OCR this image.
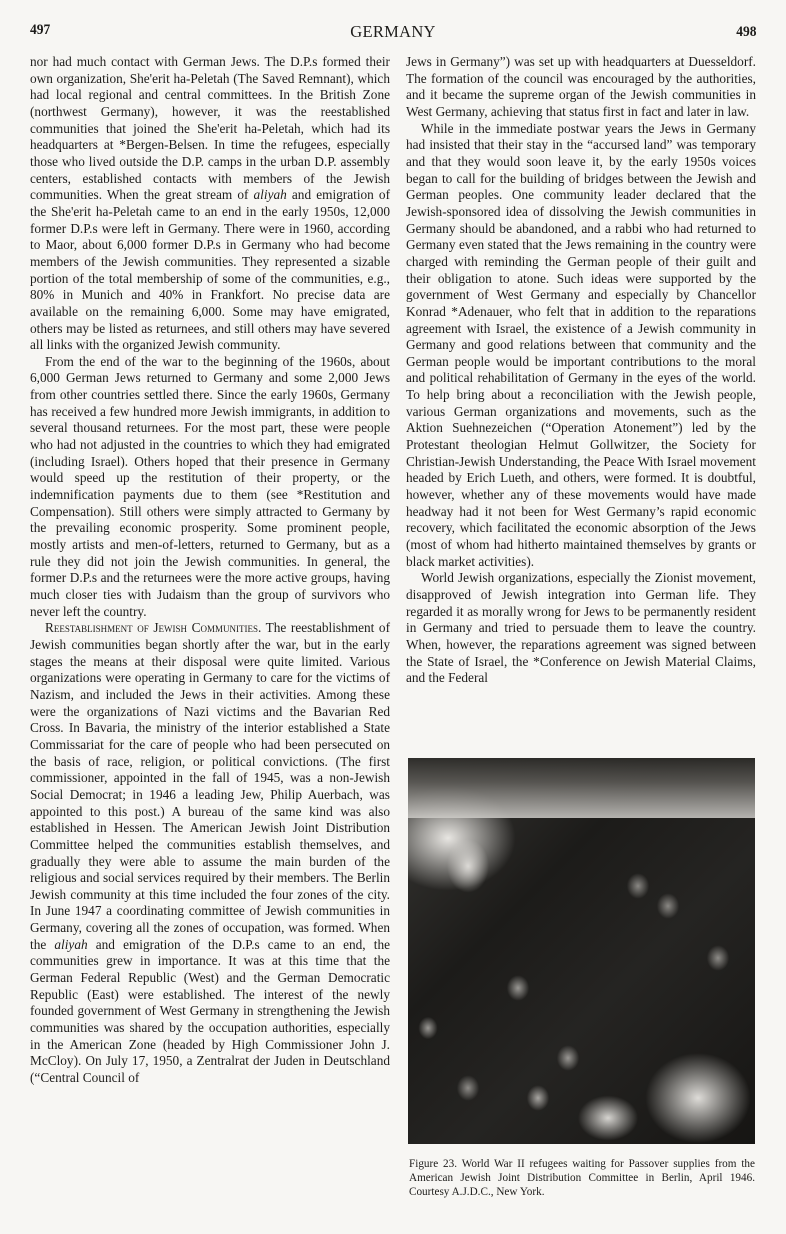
497	GERMANY	498

nor had much contact with German Jews. The D.P.s formed their own organization, She'erit ha-Peletah (The Saved Remnant), which had local regional and central committees. In the British Zone (northwest Germany), however, it was the reestablished communities that joined the She'erit ha-Peletah, which had its headquarters at *Bergen-Belsen. In time the refugees, especially those who lived outside the D.P. camps in the urban D.P. assembly centers, established contacts with members of the Jewish communities. When the great stream of aliyah and emigration of the She'erit ha-Peletah came to an end in the early 1950s, 12,000 former D.P.s were left in Germany. There were in 1960, according to Maor, about 6,000 former D.P.s in Germany who had become members of the Jewish communities. They represented a sizable portion of the total membership of some of the communities, e.g., 80% in Munich and 40% in Frankfort. No precise data are available on the remaining 6,000. Some may have emigrated, others may be listed as returnees, and still others may have severed all links with the organized Jewish community.

From the end of the war to the beginning of the 1960s, about 6,000 German Jews returned to Germany and some 2,000 Jews from other countries settled there. Since the early 1960s, Germany has received a few hundred more Jewish immigrants, in addition to several thousand returnees. For the most part, these were people who had not adjusted in the countries to which they had emigrated (including Israel). Others hoped that their presence in Germany would speed up the restitution of their property, or the indemnification payments due to them (see *Restitution and Compensation). Still others were simply attracted to Germany by the prevailing economic prosperity. Some prominent people, mostly artists and men-of-letters, returned to Germany, but as a rule they did not join the Jewish communities. In general, the former D.P.s and the returnees were the more active groups, having much closer ties with Judaism than the group of survivors who never left the country.

Reestablishment of Jewish Communities. The reestablishment of Jewish communities began shortly after the war, but in the early stages the means at their disposal were quite limited. Various organizations were operating in Germany to care for the victims of Nazism, and included the Jews in their activities. Among these were the organizations of Nazi victims and the Bavarian Red Cross. In Bavaria, the ministry of the interior established a State Commissariat for the care of people who had been persecuted on the basis of race, religion, or political convictions. (The first commissioner, appointed in the fall of 1945, was a non-Jewish Social Democrat; in 1946 a leading Jew, Philip Auerbach, was appointed to this post.) A bureau of the same kind was also established in Hessen. The American Jewish Joint Distribution Committee helped the communities establish themselves, and gradually they were able to assume the main burden of the religious and social services required by their members. The Berlin Jewish community at this time included the four zones of the city. In June 1947 a coordinating committee of Jewish communities in Germany, covering all the zones of occupation, was formed. When the aliyah and emigration of the D.P.s came to an end, the communities grew in importance. It was at this time that the German Federal Republic (West) and the German Democratic Republic (East) were established. The interest of the newly founded government of West Germany in strengthening the Jewish communities was shared by the occupation authorities, especially in the American Zone (headed by High Commissioner John J. McCloy). On July 17, 1950, a Zentralrat der Juden in Deutschland (“Central Council of

Jews in Germany”) was set up with headquarters at Duesseldorf. The formation of the council was encouraged by the authorities, and it became the supreme organ of the Jewish communities in West Germany, achieving that status first in fact and later in law.

While in the immediate postwar years the Jews in Germany had insisted that their stay in the “accursed land” was temporary and that they would soon leave it, by the early 1950s voices began to call for the building of bridges between the Jewish and German peoples. One community leader declared that the Jewish-sponsored idea of dissolving the Jewish communities in Germany should be abandoned, and a rabbi who had returned to Germany even stated that the Jews remaining in the country were charged with reminding the German people of their guilt and their obligation to atone. Such ideas were supported by the government of West Germany and especially by Chancellor Konrad *Adenauer, who felt that in addition to the reparations agreement with Israel, the existence of a Jewish community in Germany and good relations between that community and the German people would be important contributions to the moral and political rehabilitation of Germany in the eyes of the world. To help bring about a reconciliation with the Jewish people, various German organizations and movements, such as the Aktion Suehnezeichen (“Operation Atonement”) led by the Protestant theologian Helmut Gollwitzer, the Society for Christian-Jewish Understanding, the Peace With Israel movement headed by Erich Lueth, and others, were formed. It is doubtful, however, whether any of these movements would have made headway had it not been for West Germany’s rapid economic recovery, which facilitated the economic absorption of the Jews (most of whom had hitherto maintained themselves by grants or black market activities).

World Jewish organizations, especially the Zionist movement, disapproved of Jewish integration into German life. They regarded it as morally wrong for Jews to be permanently resident in Germany and tried to persuade them to leave the country. When, however, the reparations agreement was signed between the State of Israel, the *Conference on Jewish Material Claims, and the Federal

Figure 23. World War II refugees waiting for Passover supplies from the American Jewish Joint Distribution Committee in Berlin, April 1946. Courtesy A.J.D.C., New York.
